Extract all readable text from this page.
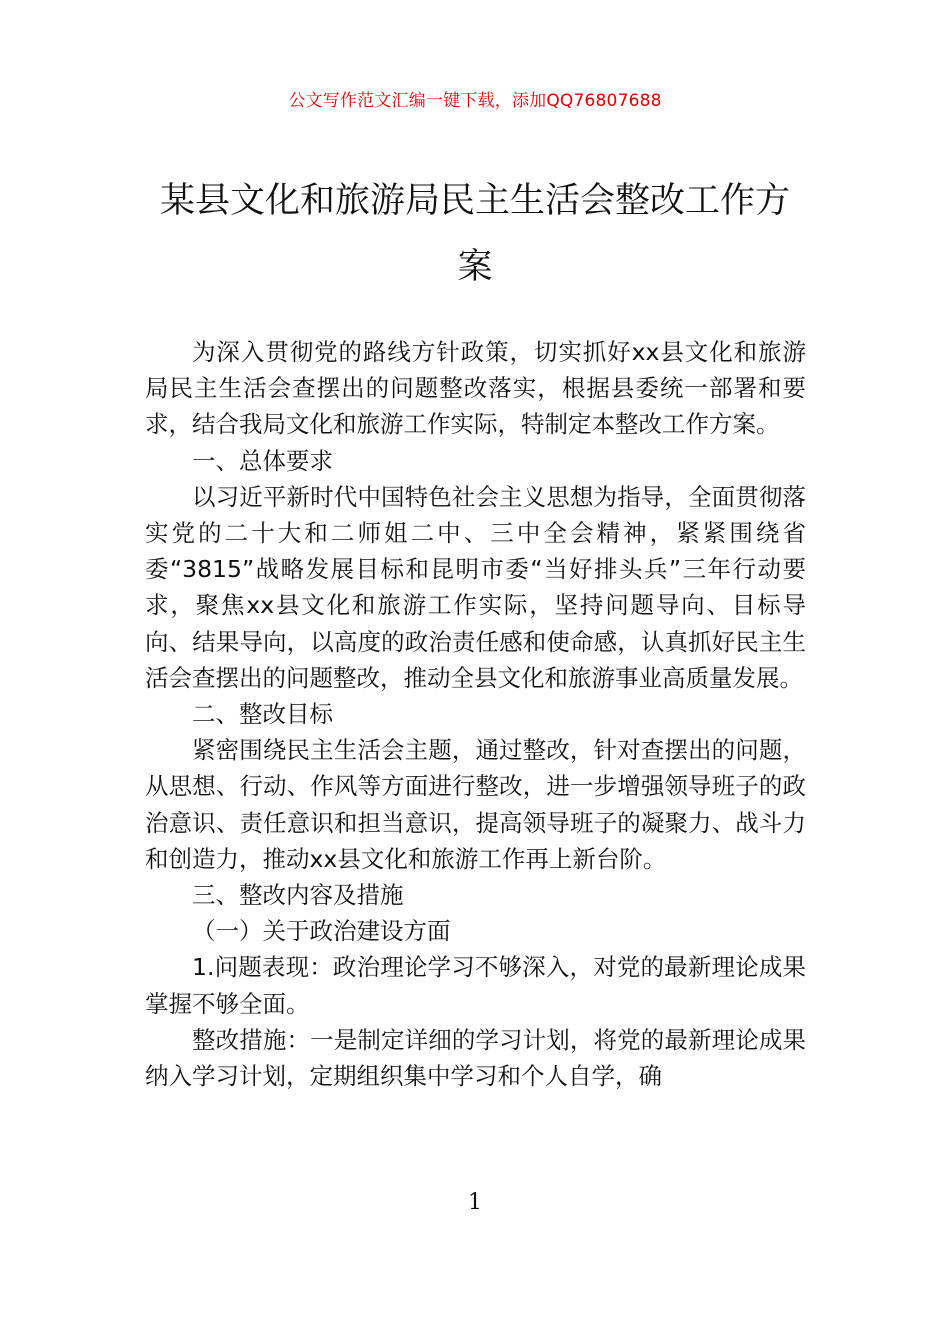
公文写作范文汇编一键下载，添加QQ76807688
某县文化和旅游局民主生活会整改工作方案

为深入贯彻党的路线方针政策，切实抓好xx县文化和旅游局民主生活会查摆出的问题整改落实，根据县委统一部署和要求，结合我局文化和旅游工作实际，特制定本整改工作方案。

一、总体要求

以习近平新时代中国特色社会主义思想为指导，全面贯彻落实党的二十大和二师姐二中、三中全会精神，紧紧围绕省委“3815”战略发展目标和昆明市委“当好排头兵”三年行动要求，聚焦xx县文化和旅游工作实际，坚持问题导向、目标导向、结果导向，以高度的政治责任感和使命感，认真抓好民主生活会查摆出的问题整改，推动全县文化和旅游事业高质量发展。

二、整改目标

紧密围绕民主生活会主题，通过整改，针对查摆出的问题，从思想、行动、作风等方面进行整改，进一步增强领导班子的政治意识、责任意识和担当意识，提高领导班子的凝聚力、战斗力和创造力，推动xx县文化和旅游工作再上新台阶。

三、整改内容及措施

（一）关于政治建设方面

1.问题表现：政治理论学习不够深入，对党的最新理论成果掌握不够全面。

整改措施：一是制定详细的学习计划，将党的最新理论成果纳入学习计划，定期组织集中学习和个人自学，确

1
